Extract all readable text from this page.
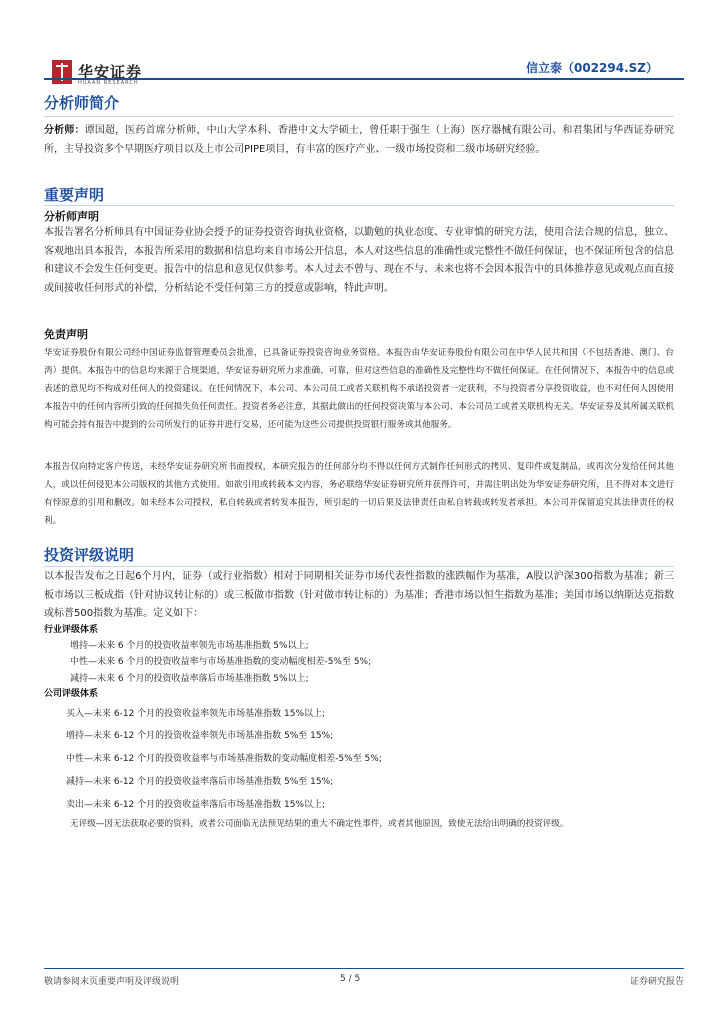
华安证券
HUAAN RESEARCH
信立泰（002294.SZ）
分析师简介
分析师：谭国超，医药首席分析师，中山大学本科、香港中文大学硕士，曾任职于强生（上海）医疗器械有限公司、和君集团与华西证券研究所，主导投资多个早期医疗项目以及上市公司PIPE项目，有丰富的医疗产业、一级市场投资和二级市场研究经验。
重要声明
分析师声明
本报告署名分析师具有中国证券业协会授予的证券投资咨询执业资格，以勤勉的执业态度、专业审慎的研究方法，使用合法合规的信息，独立、客观地出具本报告，本报告所采用的数据和信息均来自市场公开信息，本人对这些信息的准确性或完整性不做任何保证，也不保证所包含的信息和建议不会发生任何变更。报告中的信息和意见仅供参考。本人过去不曾与、现在不与、未来也将不会因本报告中的具体推荐意见或观点而直接或间接收任何形式的补偿，分析结论不受任何第三方的授意或影响，特此声明。
免责声明
华安证券股份有限公司经中国证券监督管理委员会批准，已具备证券投资咨询业务资格。本报告由华安证券股份有限公司在中华人民共和国（不包括香港、澳门、台湾）提供。本报告中的信息均来源于合规渠道，华安证券研究所力求准确、可靠，但对这些信息的准确性及完整性均不做任何保证。在任何情况下，本报告中的信息或表述的意见均不构成对任何人的投资建议。在任何情况下，本公司、本公司员工或者关联机构不承诺投资者一定获利，不与投资者分享投资收益，也不对任何人因使用本报告中的任何内容所引致的任何损失负任何责任。投资者务必注意，其据此做出的任何投资决策与本公司、本公司员工或者关联机构无关。华安证券及其所属关联机构可能会持有报告中提到的公司所发行的证券并进行交易，还可能为这些公司提供投资银行服务或其他服务。
本报告仅向特定客户传送，未经华安证券研究所书面授权，本研究报告的任何部分均不得以任何方式制作任何形式的拷贝、复印件或复制品，或再次分发给任何其他人，或以任何侵犯本公司版权的其他方式使用。如欲引用或转载本文内容，务必联络华安证券研究所并获得许可，并需注明出处为华安证券研究所，且不得对本文进行有悖原意的引用和删改。如未经本公司授权，私自转载或者转发本报告，所引起的一切后果及法律责任由私自转载或转发者承担。本公司并保留追究其法律责任的权利。
投资评级说明
以本报告发布之日起6个月内，证券（或行业指数）相对于同期相关证券市场代表性指数的涨跌幅作为基准，A股以沪深300指数为基准；新三板市场以三板成指（针对协议转让标的）或三板做市指数（针对做市转让标的）为基准；香港市场以恒生指数为基准；美国市场以纳斯达克指数或标普500指数为基准。定义如下：
行业评级体系
增持—未来 6 个月的投资收益率领先市场基准指数 5%以上;
中性—未来 6 个月的投资收益率与市场基准指数的变动幅度相差-5%至 5%;
减持—未来 6 个月的投资收益率落后市场基准指数 5%以上;
公司评级体系
买入—未来 6-12 个月的投资收益率领先市场基准指数 15%以上;
增持—未来 6-12 个月的投资收益率领先市场基准指数 5%至 15%;
中性—未来 6-12 个月的投资收益率与市场基准指数的变动幅度相差-5%至 5%;
减持—未来 6-12 个月的投资收益率落后市场基准指数 5%至 15%;
卖出—未来 6-12 个月的投资收益率落后市场基准指数 15%以上;
无评级—因无法获取必要的资料，或者公司面临无法预见结果的重大不确定性事件，或者其他原因，致使无法给出明确的投资评级。
敬请参阅末页重要声明及评级说明	5 / 5	证券研究报告
